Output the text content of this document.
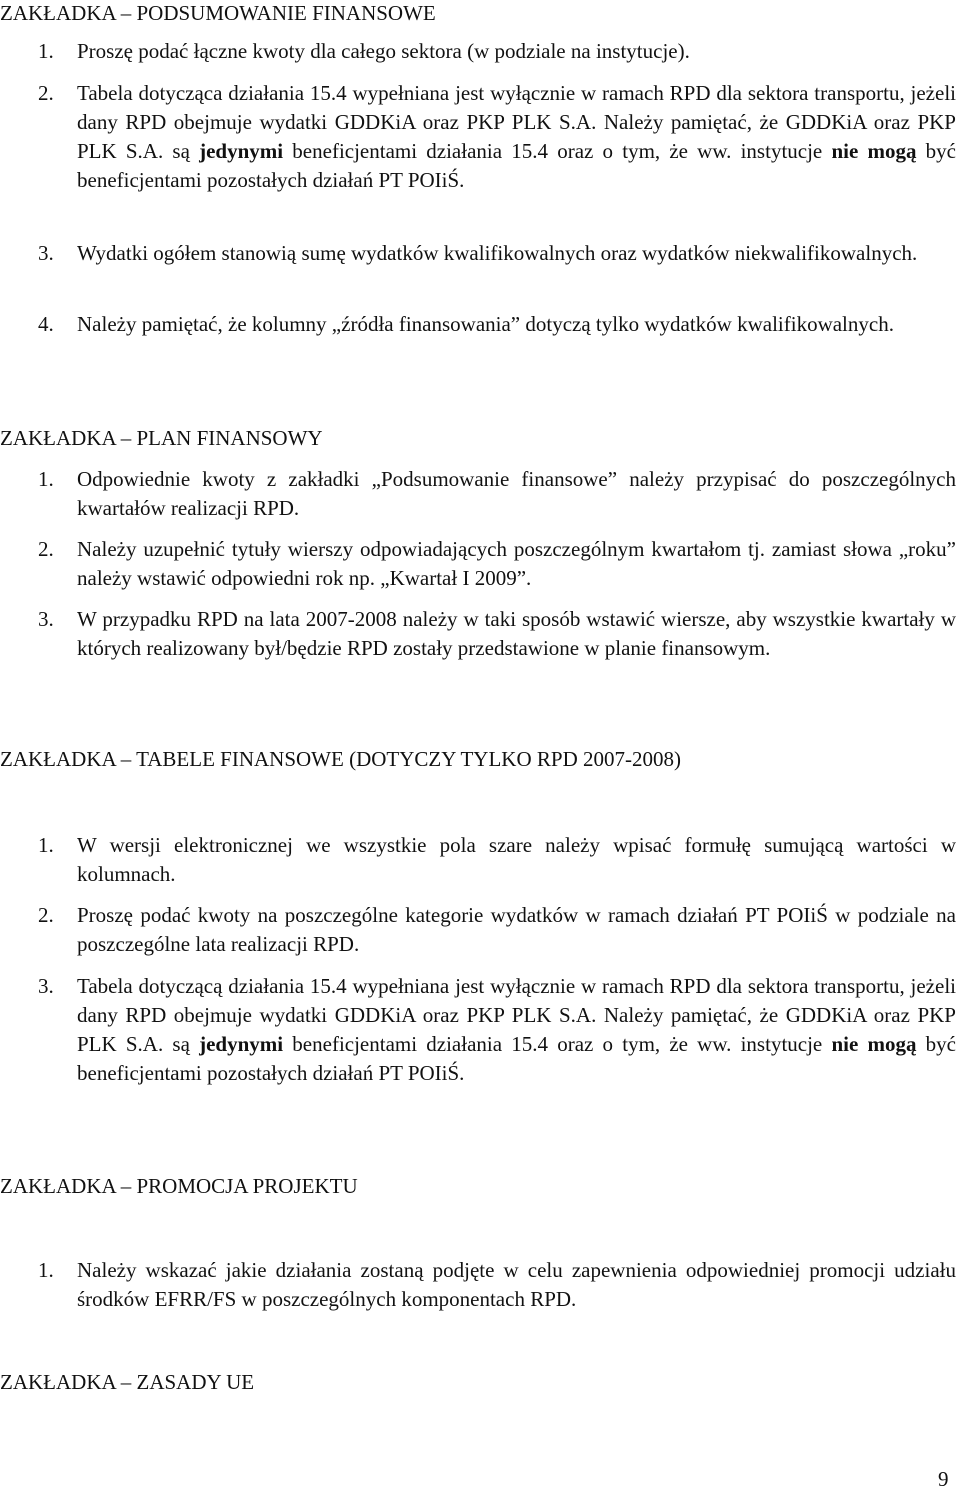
ZAKŁADKA – PODSUMOWANIE FINANSOWE
1. Proszę podać łączne kwoty dla całego sektora (w podziale na instytucje).
2. Tabela dotycząca działania 15.4 wypełniana jest wyłącznie w ramach RPD dla sektora transportu, jeżeli dany RPD obejmuje wydatki GDDKiA oraz PKP PLK S.A. Należy pamiętać, że GDDKiA oraz PKP PLK S.A. są jedynymi beneficjentami działania 15.4 oraz o tym, że ww. instytucje nie mogą być beneficjentami pozostałych działań PT POIiŚ.
3. Wydatki ogółem stanowią sumę wydatków kwalifikowalnych oraz wydatków niekwalifikowalnych.
4. Należy pamiętać, że kolumny „źródła finansowania” dotyczą tylko wydatków kwalifikowalnych.
ZAKŁADKA – PLAN FINANSOWY
1. Odpowiednie kwoty z zakładki „Podsumowanie finansowe” należy przypisać do poszczególnych kwartałów realizacji RPD.
2. Należy uzupełnić tytuły wierszy odpowiadających poszczególnym kwartałom tj. zamiast słowa „roku” należy wstawić odpowiedni rok np. „Kwartał I 2009”.
3. W przypadku RPD na lata 2007-2008 należy w taki sposób wstawić wiersze, aby wszystkie kwartały w których realizowany był/będzie RPD zostały przedstawione w planie finansowym.
ZAKŁADKA – TABELE FINANSOWE (DOTYCZY TYLKO RPD 2007-2008)
1. W wersji elektronicznej we wszystkie pola szare należy wpisać formułę sumującą wartości w kolumnach.
2. Proszę podać kwoty na poszczególne kategorie wydatków w ramach działań PT POIiŚ w podziale na poszczególne lata realizacji RPD.
3. Tabela dotyczącą działania 15.4 wypełniana jest wyłącznie w ramach RPD dla sektora transportu, jeżeli dany RPD obejmuje wydatki GDDKiA oraz PKP PLK S.A. Należy pamiętać, że GDDKiA oraz PKP PLK S.A. są jedynymi beneficjentami działania 15.4 oraz o tym, że ww. instytucje nie mogą być beneficjentami pozostałych działań PT POIiŚ.
ZAKŁADKA – PROMOCJA PROJEKTU
1. Należy wskazać jakie działania zostaną podjęte w celu zapewnienia odpowiedniej promocji udziału środków EFRR/FS w poszczególnych komponentach RPD.
ZAKŁADKA – ZASADY UE
9
